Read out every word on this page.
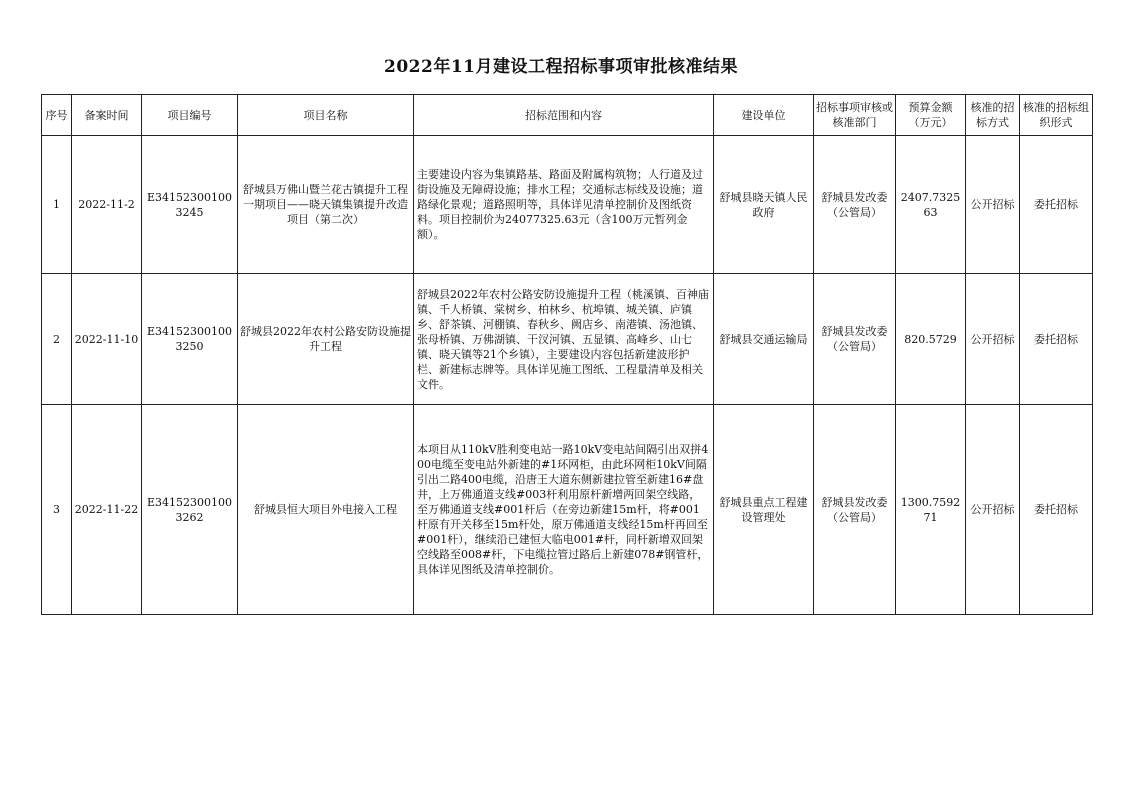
2022年11月建设工程招标事项审批核准结果
序号	备案时间	项目编号	项目名称	招标范围和内容	建设单位	招标事项审核或核准部门	预算金额（万元）	核准的招标方式	核准的招标组织形式
1	2022-11-2	E341523001003245	舒城县万佛山暨兰花古镇提升工程一期项目——晓天镇集镇提升改造项目（第二次）	主要建设内容为集镇路基、路面及附属构筑物；人行道及过街设施及无障碍设施；排水工程；交通标志标线及设施；道路绿化景观；道路照明等，具体详见清单控制价及图纸资料。项目控制价为24077325.63元（含100万元暂列金额）。	舒城县晓天镇人民政府	舒城县发改委（公管局）	2407.732563	公开招标	委托招标
2	2022-11-10	E341523001003250	舒城县2022年农村公路安防设施提升工程	舒城县2022年农村公路安防设施提升工程（桃溪镇、百神庙镇、千人桥镇、棠树乡、柏林乡、杭埠镇、城关镇、庐镇乡、舒茶镇、河棚镇、春秋乡、阙店乡、南港镇、汤池镇、张母桥镇、万佛湖镇、干汊河镇、五显镇、高峰乡、山七镇、晓天镇等21个乡镇），主要建设内容包括新建波形护栏、新建标志牌等。具体详见施工图纸、工程量清单及相关文件。	舒城县交通运输局	舒城县发改委（公管局）	820.5729	公开招标	委托招标
3	2022-11-22	E341523001003262	舒城县恒大项目外电接入工程	本项目从110kV胜利变电站一路10kV变电站间隔引出双拼400电缆至变电站外新建的#1环网柜，由此环网柜10kV间隔引出二路400电缆，沿唐王大道东侧新建拉管至新建16#盘井，上万佛通道支线#003杆利用原杆新增两回架空线路，至万佛通道支线#001杆后（在旁边新建15m杆，将#001杆原有开关移至15m杆处，原万佛通道支线经15m杆再回至#001杆），继续沿已建恒大临电001#杆，同杆新增双回架空线路至008#杆，下电缆拉管过路后上新建078#钢管杆，具体详见图纸及清单控制价。	舒城县重点工程建设管理处	舒城县发改委（公管局）	1300.759271	公开招标	委托招标
